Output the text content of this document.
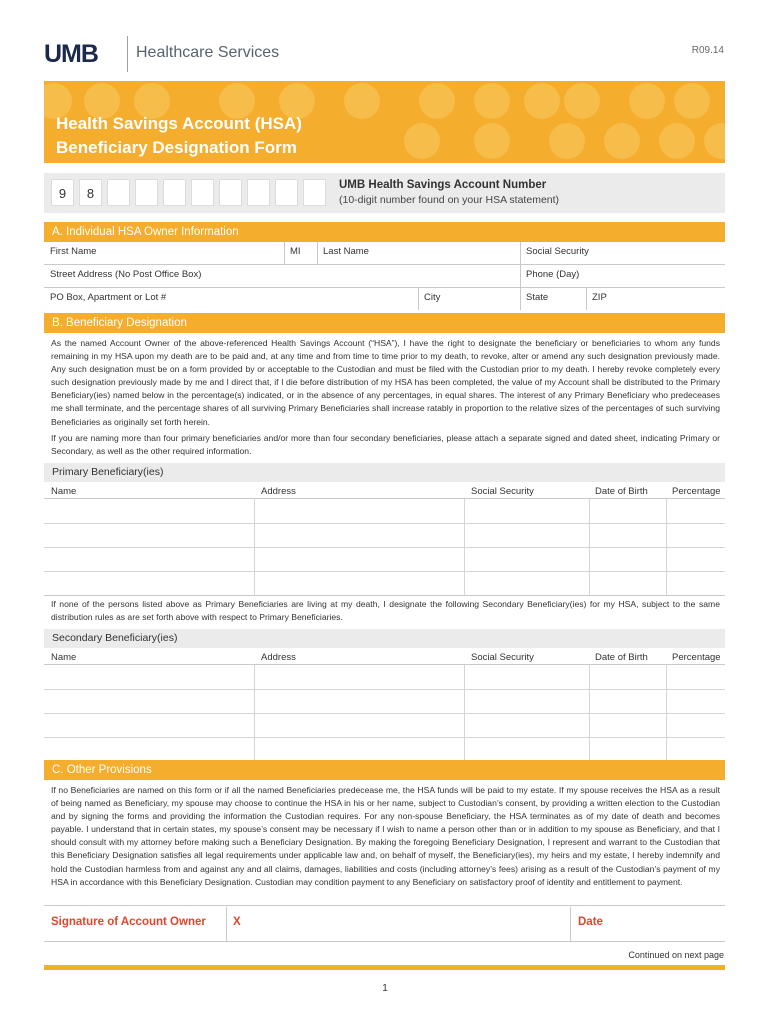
UMB Healthcare Services	R09.14
Health Savings Account (HSA)
Beneficiary Designation Form
9	8
UMB Health Savings Account Number
(10-digit number found on your HSA statement)
A. Individual HSA Owner Information
First Name	MI	Last Name	Social Security
Street Address (No Post Office Box)	Phone (Day)
PO Box, Apartment or Lot #	City	State	ZIP
B. Beneficiary Designation
As the named Account Owner of the above-referenced Health Savings Account (“HSA”), I have the right to designate the beneficiary or beneficiaries to whom any funds remaining in my HSA upon my death are to be paid and, at any time and from time to time prior to my death, to revoke, alter or amend any such designation previously made. Any such designation must be on a form provided by or acceptable to the Custodian and must be filed with the Custodian prior to my death. I hereby revoke completely every such designation previously made by me and I direct that, if I die before distribution of my HSA has been completed, the value of my Account shall be distributed to the Primary Beneficiary(ies) named below in the percentage(s) indicated, or in the absence of any percentages, in equal shares. The interest of any Primary Beneficiary who predeceases me shall terminate, and the percentage shares of all surviving Primary Beneficiaries shall increase ratably in proportion to the relative sizes of the percentages of such surviving Beneficiaries as originally set forth herein.
If you are naming more than four primary beneficiaries and/or more than four secondary beneficiaries, please attach a separate signed and dated sheet, indicating Primary or Secondary, as well as the other required information.
Primary Beneficiary(ies)
Name	Address	Social Security	Date of Birth	Percentage
If none of the persons listed above as Primary Beneficiaries are living at my death, I designate the following Secondary Beneficiary(ies) for my HSA, subject to the same distribution rules as are set forth above with respect to Primary Beneficiaries.
Secondary Beneficiary(ies)
Name	Address	Social Security	Date of Birth	Percentage
C. Other Provisions
If no Beneficiaries are named on this form or if all the named Beneficiaries predecease me, the HSA funds will be paid to my estate. If my spouse receives the HSA as a result of being named as Beneficiary, my spouse may choose to continue the HSA in his or her name, subject to Custodian’s consent, by providing a written election to the Custodian and by signing the forms and providing the information the Custodian requires. For any non-spouse Beneficiary, the HSA terminates as of my date of death and becomes payable. I understand that in certain states, my spouse’s consent may be necessary if I wish to name a person other than or in addition to my spouse as Beneficiary, and that I should consult with my attorney before making such a Beneficiary Designation. By making the foregoing Beneficiary Designation, I represent and warrant to the Custodian that this Beneficiary Designation satisfies all legal requirements under applicable law and, on behalf of myself, the Beneficiary(ies), my heirs and my estate, I hereby indemnify and hold the Custodian harmless from and against any and all claims, damages, liabilities and costs (including attorney’s fees) arising as a result of the Custodian’s payment of my HSA in accordance with this Beneficiary Designation. Custodian may condition payment to any Beneficiary on satisfactory proof of identity and entitlement to payment.
Signature of Account Owner X	Date
Continued on next page
1
